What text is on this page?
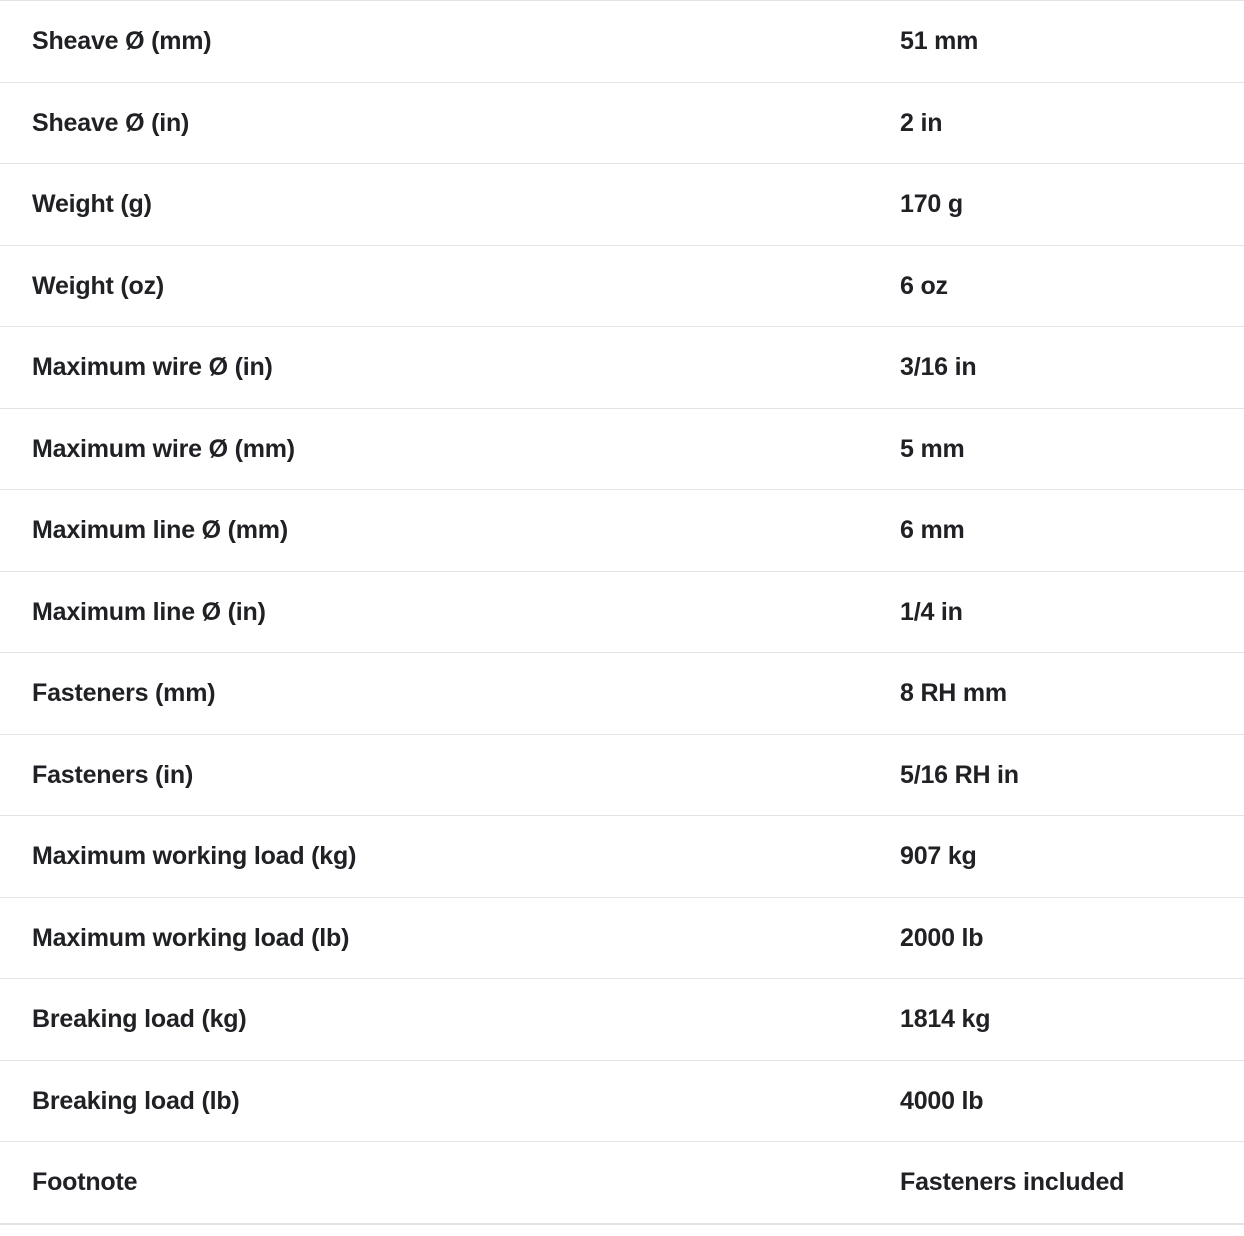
Sheave Ø (mm)	51 mm
Sheave Ø (in)	2 in
Weight (g)	170 g
Weight (oz)	6 oz
Maximum wire Ø (in)	3/16 in
Maximum wire Ø (mm)	5 mm
Maximum line Ø (mm)	6 mm
Maximum line Ø (in)	1/4 in
Fasteners (mm)	8 RH mm
Fasteners (in)	5/16 RH in
Maximum working load (kg)	907 kg
Maximum working load (lb)	2000 lb
Breaking load (kg)	1814 kg
Breaking load (lb)	4000 lb
Footnote	Fasteners included
